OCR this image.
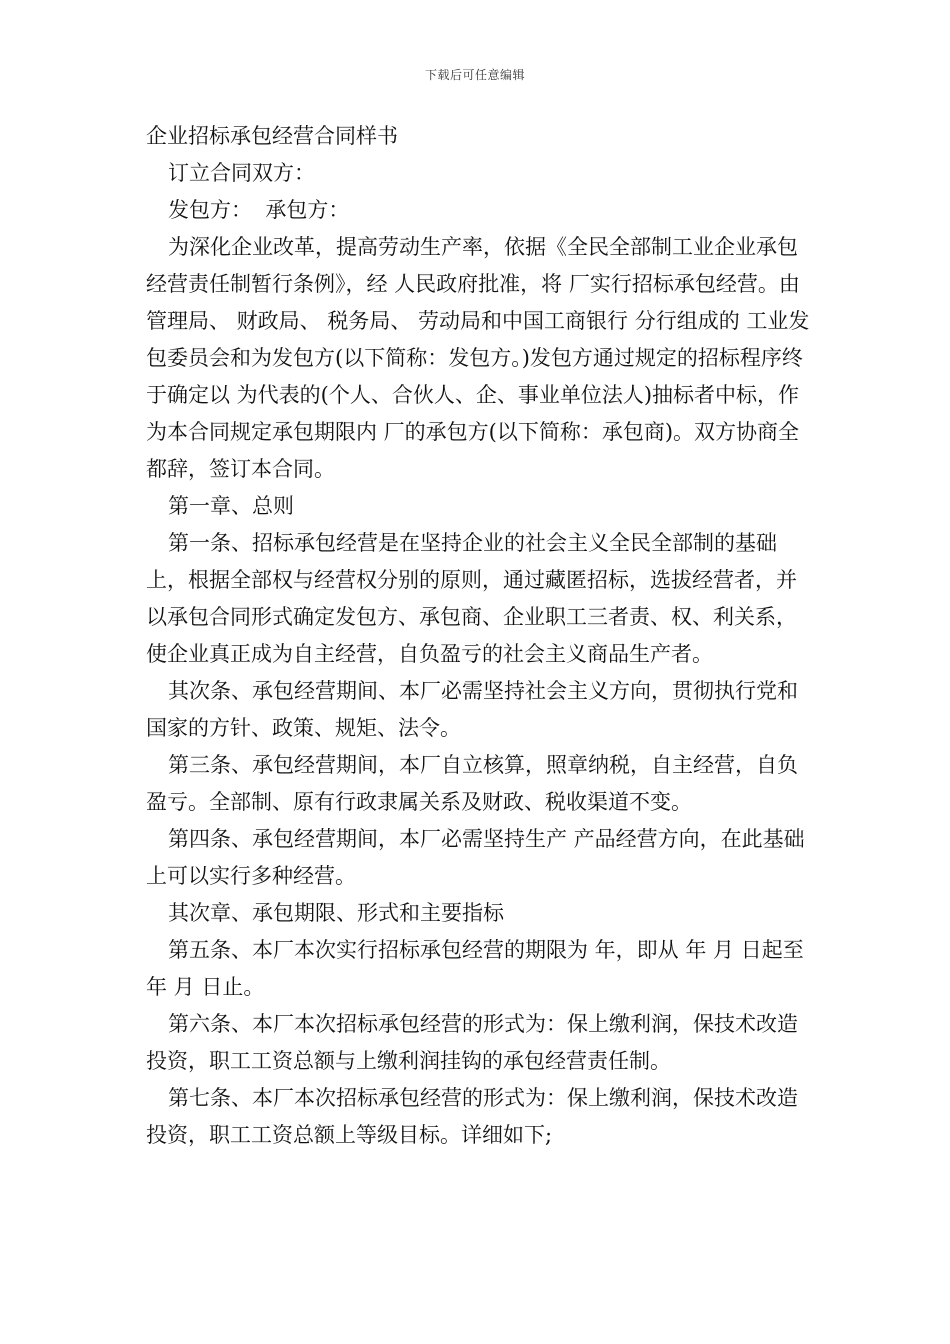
下载后可任意编辑

企业招标承包经营合同样书

订立合同双方：

发包方：  承包方：

为深化企业改革，提高劳动生产率，依据《全民全部制工业企业承包经营责任制暂行条例》，经 人民政府批准，将 厂实行招标承包经营。由 管理局、 财政局、 税务局、 劳动局和中国工商银行 分行组成的 工业发包委员会和为发包方(以下简称：发包方。)发包方通过规定的招标程序终于确定以 为代表的(个人、合伙人、企、事业单位法人)抽标者中标，作为本合同规定承包期限内 厂的承包方(以下简称：承包商)。双方协商全都辞，签订本合同。

第一章、总则

第一条、招标承包经营是在坚持企业的社会主义全民全部制的基础上，根据全部权与经营权分别的原则，通过藏匿招标，选拔经营者，并以承包合同形式确定发包方、承包商、企业职工三者责、权、利关系，使企业真正成为自主经营，自负盈亏的社会主义商品生产者。

其次条、承包经营期间、本厂必需坚持社会主义方向，贯彻执行党和国家的方针、政策、规矩、法令。

第三条、承包经营期间，本厂自立核算，照章纳税，自主经营，自负盈亏。全部制、原有行政隶属关系及财政、税收渠道不变。

第四条、承包经营期间，本厂必需坚持生产 产品经营方向，在此基础上可以实行多种经营。

其次章、承包期限、形式和主要指标

第五条、本厂本次实行招标承包经营的期限为 年，即从 年 月 日起至 年 月 日止。

第六条、本厂本次招标承包经营的形式为：保上缴利润，保技术改造投资，职工工资总额与上缴利润挂钩的承包经营责任制。

第七条、本厂本次招标承包经营的形式为：保上缴利润，保技术改造投资，职工工资总额上等级目标。详细如下;
